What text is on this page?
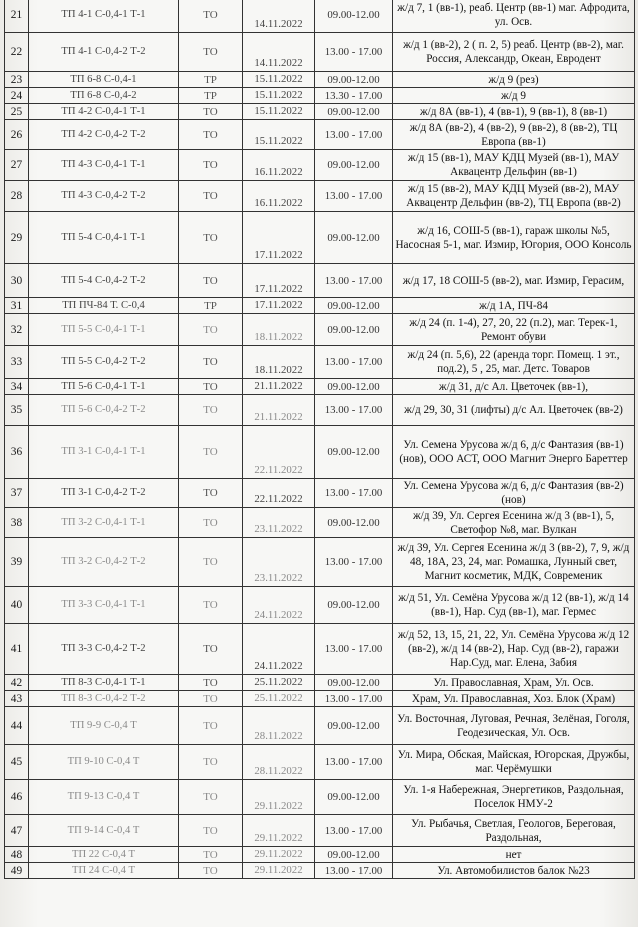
21	ТП 4-1 С-0,4-1 Т-1	ТО	14.11.2022	09.00-12.00	ж/д 7, 1 (вв-1), реаб. Центр (вв-1) маг. Афродита, ул. Осв.
22	ТП 4-1 С-0,4-2 Т-2	ТО	14.11.2022	13.00 - 17.00	ж/д 1 (вв-2), 2 ( п. 2, 5) реаб. Центр (вв-2), маг. Россия, Александр, Океан, Евродент
23	ТП 6-8 С-0,4-1	ТР	15.11.2022	09.00-12.00	ж/д 9 (рез)
24	ТП 6-8 С-0,4-2	ТР	15.11.2022	13.30 - 17.00	ж/д 9
25	ТП 4-2 С-0,4-1 Т-1	ТО	15.11.2022	09.00-12.00	ж/д 8А (вв-1), 4 (вв-1), 9 (вв-1), 8 (вв-1)
26	ТП 4-2 С-0,4-2 Т-2	ТО	15.11.2022	13.00 - 17.00	ж/д 8А (вв-2), 4 (вв-2), 9 (вв-2), 8 (вв-2), ТЦ Европа (вв-1)
27	ТП 4-3 С-0,4-1 Т-1	ТО	16.11.2022	09.00-12.00	ж/д 15 (вв-1), МАУ КДЦ Музей (вв-1), МАУ Аквацентр Дельфин (вв-1)
28	ТП 4-3 С-0,4-2 Т-2	ТО	16.11.2022	13.00 - 17.00	ж/д 15 (вв-2), МАУ КДЦ Музей (вв-2), МАУ Аквацентр Дельфин (вв-2), ТЦ Европа (вв-2)
29	ТП 5-4 С-0,4-1 Т-1	ТО	17.11.2022	09.00-12.00	ж/д 16, СОШ-5 (вв-1), гараж школы №5, Насосная 5-1, маг. Измир, Югория, ООО Консоль
30	ТП 5-4 С-0,4-2 Т-2	ТО	17.11.2022	13.00 - 17.00	ж/д 17, 18 СОШ-5 (вв-2), маг. Измир, Герасим,
31	ТП ПЧ-84 Т. С-0,4	ТР	17.11.2022	09.00-12.00	ж/д 1А, ПЧ-84
32	ТП 5-5 С-0,4-1 Т-1	ТО	18.11.2022	09.00-12.00	ж/д 24 (п. 1-4), 27, 20, 22 (п.2), маг. Терек-1, Ремонт обуви
33	ТП 5-5 С-0,4-2 Т-2	ТО	18.11.2022	13.00 - 17.00	ж/д 24 (п. 5,6), 22 (аренда торг. Помещ. 1 эт., под.2), 5 , 25, маг. Детс. Товаров
34	ТП 5-6 С-0,4-1 Т-1	ТО	21.11.2022	09.00-12.00	ж/д 31, д/с Ал. Цветочек (вв-1),
35	ТП 5-6 С-0,4-2 Т-2	ТО	21.11.2022	13.00 - 17.00	ж/д 29, 30, 31 (лифты) д/с Ал. Цветочек (вв-2)
36	ТП 3-1 С-0,4-1 Т-1	ТО	22.11.2022	09.00-12.00	Ул. Семена Урусова ж/д 6, д/с Фантазия (вв-1) (нов), ООО АСТ, ООО Магнит Энерго Бареттер
37	ТП 3-1 С-0,4-2 Т-2	ТО	22.11.2022	13.00 - 17.00	Ул. Семена Урусова ж/д 6, д/с Фантазия (вв-2) (нов)
38	ТП 3-2 С-0,4-1 Т-1	ТО	23.11.2022	09.00-12.00	ж/д 39, Ул. Сергея Есенина ж/д 3 (вв-1), 5, Светофор №8, маг. Вулкан
39	ТП 3-2 С-0,4-2 Т-2	ТО	23.11.2022	13.00 - 17.00	ж/д 39, Ул. Сергея Есенина ж/д 3 (вв-2), 7, 9, ж/д 48, 18А, 23, 24, маг. Ромашка, Лунный свет, Магнит косметик, МДК, Современик
40	ТП 3-3 С-0,4-1 Т-1	ТО	24.11.2022	09.00-12.00	ж/д 51, Ул. Семёна Урусова ж/д 12 (вв-1), ж/д 14 (вв-1), Нар. Суд (вв-1), маг. Гермес
41	ТП 3-3 С-0,4-2 Т-2	ТО	24.11.2022	13.00 - 17.00	ж/д 52, 13, 15, 21, 22, Ул. Семёна Урусова ж/д 12 (вв-2), ж/д 14 (вв-2), Нар. Суд (вв-2), гаражи Нар.Суд, маг. Елена, Забия
42	ТП 8-3 С-0,4-1 Т-1	ТО	25.11.2022	09.00-12.00	Ул. Православная, Храм, Ул. Осв.
43	ТП 8-3 С-0,4-2 Т-2	ТО	25.11.2022	13.00 - 17.00	Храм, Ул. Православная, Хоз. Блок (Храм)
44	ТП 9-9 С-0,4 Т	ТО	28.11.2022	09.00-12.00	Ул. Восточная, Луговая, Речная, Зелёная, Гоголя, Геодезическая, Ул. Осв.
45	ТП 9-10 С-0,4 Т	ТО	28.11.2022	13.00 - 17.00	Ул. Мира, Обская, Майская, Югорская, Дружбы, маг. Черёмушки
46	ТП 9-13 С-0,4 Т	ТО	29.11.2022	09.00-12.00	Ул. 1-я Набережная, Энергетиков, Раздольная, Поселок НМУ-2
47	ТП 9-14 С-0,4 Т	ТО	29.11.2022	13.00 - 17.00	Ул. Рыбачья, Светлая, Геологов, Береговая, Раздольная,
48	ТП 22 С-0,4 Т	ТО	29.11.2022	09.00-12.00	нет
49	ТП 24 С-0,4 Т	ТО	29.11.2022	13.00 - 17.00	Ул. Автомобилистов балок №23
